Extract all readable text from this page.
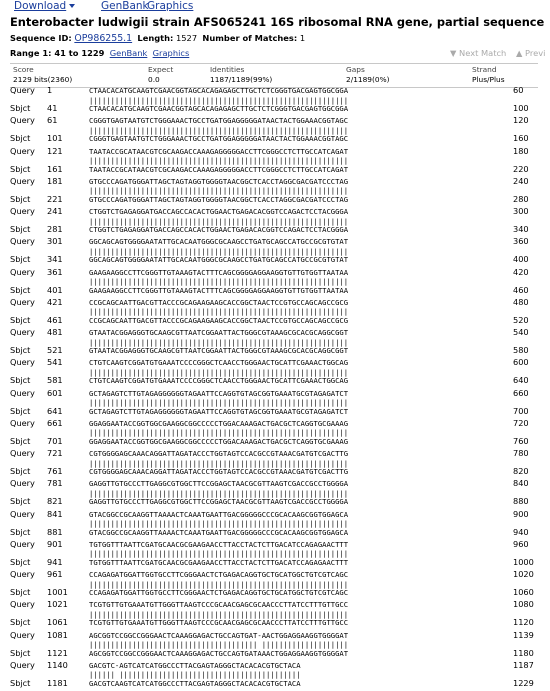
Download	GenBank
Graphics
Enterobacter ludwigii strain AFS065241 16S ribosomal RNA gene, partial sequence
Sequence ID: OP986255.1 Length: 1527 Number of Matches: 1
Range 1: 41 to 1229 GenBank Graphics	▼ Next Match ▲ Previ
Score	Expect	Identities	Gaps	Strand
2129 bits(2360)	0.0	1187/1189(99%)	2/1189(0%)	Plus/Plus
Query 1	CTAACACATGCAAGTCGAACGGTAGCACAGAGAGCTTGCTCTCGGGTGACGAGTGGCGGA	60
||||||||||||||||||||||||||||||||||||||||||||||||||||||||||||
Sbjct 41	CTAACACATGCAAGTCGAACGGTAGCACAGAGAGCTTGCTCTCGGGTGACGAGTGGCGGA	100
Query 61	CGGGTGAGTAATGTCTGGGAAACTGCCTGATGGAGGGGGATAACTACTGGAAACGGTAGC	120
||||||||||||||||||||||||||||||||||||||||||||||||||||||||||||
Sbjct 101	CGGGTGAGTAATGTCTGGGAAACTGCCTGATGGAGGGGGATAACTACTGGAAACGGTAGC	160
Query 121	TAATACCGCATAACGTCGCAAGACCAAAGAGGGGGACCTTCGGGCCTCTTGCCATCAGAT	180
||||||||||||||||||||||||||||||||||||||||||||||||||||||||||||
Sbjct 161	TAATACCGCATAACGTCGCAAGACCAAAGAGGGGGACCTTCGGGCCTCTTGCCATCAGAT	220
Query 181	GTGCCCAGATGGGATTAGCTAGTAGGTGGGGTAACGGCTCACCTAGGCGACGATCCCTAG	240
||||||||||||||||||||||||||||||||||||||||||||||||||||||||||||
Sbjct 221	GTGCCCAGATGGGATTAGCTAGTAGGTGGGGTAACGGCTCACCTAGGCGACGATCCCTAG	280
Query 241	CTGGTCTGAGAGGATGACCAGCCACACTGGAACTGAGACACGGTCCAGACTCCTACGGGA	300
||||||||||||||||||||||||||||||||||||||||||||||||||||||||||||
Sbjct 281	CTGGTCTGAGAGGATGACCAGCCACACTGGAACTGAGACACGGTCCAGACTCCTACGGGA	340
Query 301	GGCAGCAGTGGGGAATATTGCACAATGGGCGCAAGCCTGATGCAGCCATGCCGCGTGTAT	360
||||||||||||||||||||||||||||||||||||||||||||||||||||||||||||
Sbjct 341	GGCAGCAGTGGGGAATATTGCACAATGGGCGCAAGCCTGATGCAGCCATGCCGCGTGTAT	400
Query 361	GAAGAAGGCCTTCGGGTTGTAAAGTACTTTCAGCGGGGAGGAAGGTGTTGTGGTTAATAA	420
||||||||||||||||||||||||||||||||||||||||||||||||||||||||||||
Sbjct 401	GAAGAAGGCCTTCGGGTTGTAAAGTACTTTCAGCGGGGAGGAAGGTGTTGTGGTTAATAA	460
Query 421	CCGCAGCAATTGACGTTACCCGCAGAAGAAGCACCGGCTAACTCCGTGCCAGCAGCCGCG	480
||||||||||||||||||||||||||||||||||||||||||||||||||||||||||||
Sbjct 461	CCGCAGCAATTGACGTTACCCGCAGAAGAAGCACCGGCTAACTCCGTGCCAGCAGCCGCG	520
Query 481	GTAATACGGAGGGTGCAAGCGTTAATCGGAATTACTGGGCGTAAAGCGCACGCAGGCGGT	540
||||||||||||||||||||||||||||||||||||||||||||||||||||||||||||
Sbjct 521	GTAATACGGAGGGTGCAAGCGTTAATCGGAATTACTGGGCGTAAAGCGCACGCAGGCGGT	580
Query 541	CTGTCAAGTCGGATGTGAAATCCCCGGGCTCAACCTGGGAACTGCATTCGAAACTGGCAG	600
||||||||||||||||||||||||||||||||||||||||||||||||||||||||||||
Sbjct 581	CTGTCAAGTCGGATGTGAAATCCCCGGGCTCAACCTGGGAACTGCATTCGAAACTGGCAG	640
Query 601	GCTAGAGTCTTGTAGAGGGGGGTAGAATTCCAGGTGTAGCGGTGAAATGCGTAGAGATCT	660
||||||||||||||||||||||||||||||||||||||||||||||||||||||||||||
Sbjct 641	GCTAGAGTCTTGTAGAGGGGGGTAGAATTCCAGGTGTAGCGGTGAAATGCGTAGAGATCT	700
Query 661	GGAGGAATACCGGTGGCGAAGGCGGCCCCCTGGACAAAGACTGACGCTCAGGTGCGAAAG	720
||||||||||||||||||||||||||||||||||||||||||||||||||||||||||||
Sbjct 701	GGAGGAATACCGGTGGCGAAGGCGGCCCCCTGGACAAAGACTGACGCTCAGGTGCGAAAG	760
Query 721	CGTGGGGAGCAAACAGGATTAGATACCCTGGTAGTCCACGCCGTAAACGATGTCGACTTG	780
||||||||||||||||||||||||||||||||||||||||||||||||||||||||||||
Sbjct 761	CGTGGGGAGCAAACAGGATTAGATACCCTGGTAGTCCACGCCGTAAACGATGTCGACTTG	820
Query 781	GAGGTTGTGCCCTTGAGGCGTGGCTTCCGGAGCTAACGCGTTAAGTCGACCGCCTGGGGA	840
||||||||||||||||||||||||||||||||||||||||||||||||||||||||||||
Sbjct 821	GAGGTTGTGCCCTTGAGGCGTGGCTTCCGGAGCTAACGCGTTAAGTCGACCGCCTGGGGA	880
Query 841	GTACGGCCGCAAGGTTAAAACTCAAATGAATTGACGGGGGCCCGCACAAGCGGTGGAGCA	900
||||||||||||||||||||||||||||||||||||||||||||||||||||||||||||
Sbjct 881	GTACGGCCGCAAGGTTAAAACTCAAATGAATTGACGGGGGCCCGCACAAGCGGTGGAGCA	940
Query 901	TGTGGTTTAATTCGATGCAACGCGAAGAACCTTACCTACTCTTGACATCCAGAGAACTTT	960
||||||||||||||||||||||||||||||||||||||||||||||||||||||||||||
Sbjct 941	TGTGGTTTAATTCGATGCAACGCGAAGAACCTTACCTACTCTTGACATCCAGAGAACTTT	1000
Query 961	CCAGAGATGGATTGGTGCCTTCGGGAACTCTGAGACAGGTGCTGCATGGCTGTCGTCAGC	1020
||||||||||||||||||||||||||||||||||||||||||||||||||||||||||||
Sbjct 1001	CCAGAGATGGATTGGTGCCTTCGGGAACTCTGAGACAGGTGCTGCATGGCTGTCGTCAGC	1060
Query 1021	TCGTGTTGTGAAATGTTGGGTTAAGTCCCGCAACGAGCGCAACCCTTATCCTTTGTTGCC	1080
||||||||||||||||||||||||||||||||||||||||||||||||||||||||||||
Sbjct 1061	TCGTGTTGTGAAATGTTGGGTTAAGTCCCGCAACGAGCGCAACCCTTATCCTTTGTTGCC	1120
Query 1081	AGCGGTCCGGCCGGGAACTCAAAGGAGACTGCCAGTGAT-AACTGGAGGAAGGTGGGGAT	1139
||||||||||||||||||||||||||||||||||||||| ||||||||||||||||||||
Sbjct 1121	AGCGGTCCGGCCGGGAACTCAAAGGAGACTGCCAGTGATAAACTGGAGGAAGGTGGGGAT	1180
Query 1140	GACGTC-AGTCATCATGGCCCTTACGAGTAGGGCTACACACGTGCTACA	1187
|||||| ||||||||||||||||||||||||||||||||||||||||||
Sbjct 1181	GACGTCAAGTCATCATGGCCCTTACGAGTAGGGCTACACACGTGCTACA	1229
